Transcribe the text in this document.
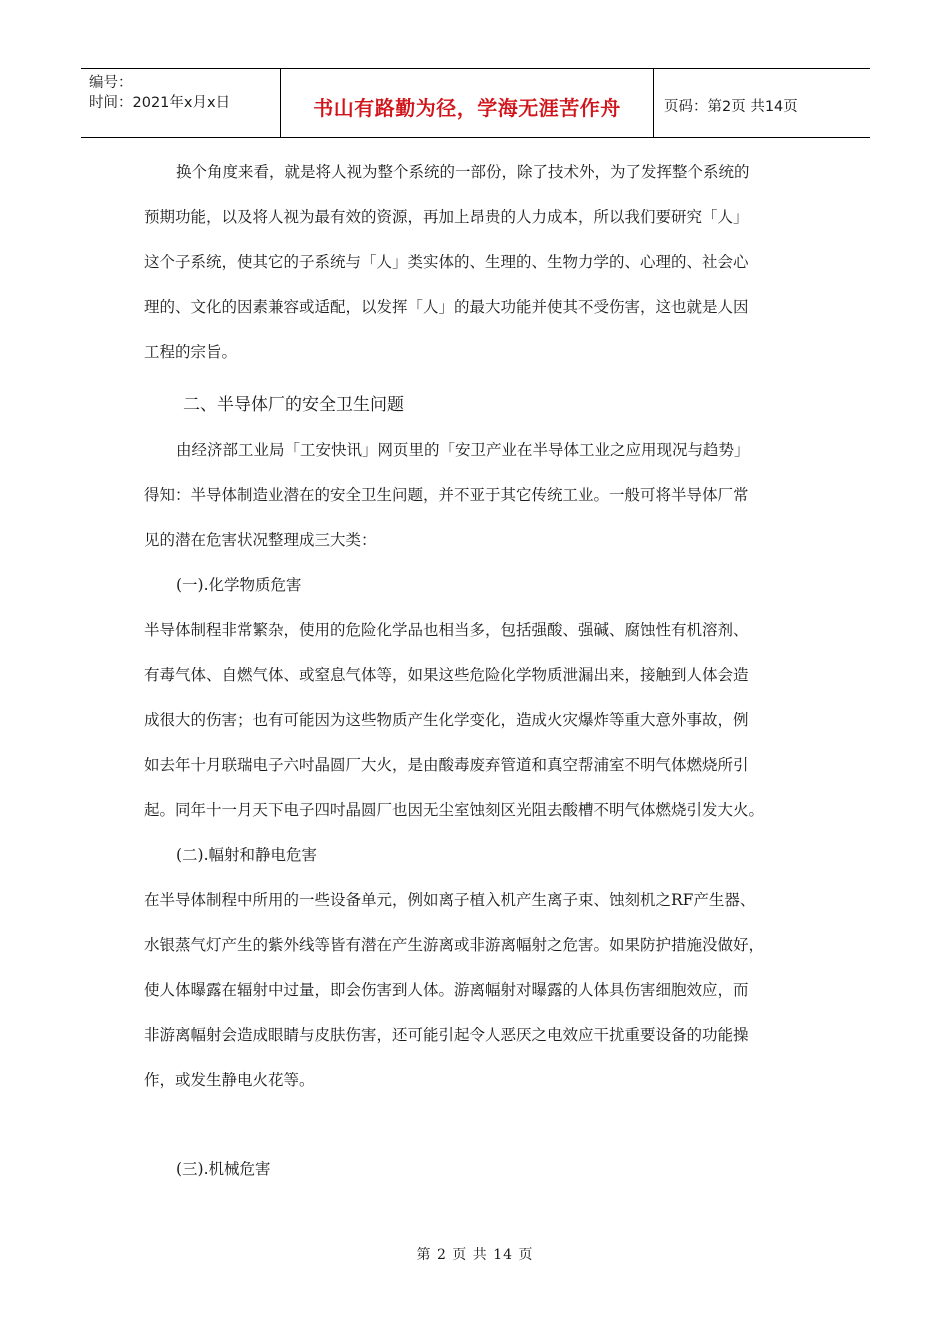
编号：
时间：2021年x月x日	书山有路勤为径，学海无涯苦作舟	页码：第2页 共14页

换个角度来看，就是将人视为整个系统的一部份，除了技术外，为了发挥整个系统的

预期功能，以及将人视为最有效的资源，再加上昂贵的人力成本，所以我们要研究「人」

这个子系统，使其它的子系统与「人」类实体的、生理的、生物力学的、心理的、社会心

理的、文化的因素兼容或适配，以发挥「人」的最大功能并使其不受伤害，这也就是人因

工程的宗旨。

二、半导体厂的安全卫生问题

由经济部工业局「工安快讯」网页里的「安卫产业在半导体工业之应用现况与趋势」

得知：半导体制造业潜在的安全卫生问题，并不亚于其它传统工业。一般可将半导体厂常

见的潜在危害状况整理成三大类：

(一).化学物质危害

半导体制程非常繁杂，使用的危险化学品也相当多，包括强酸、强碱、腐蚀性有机溶剂、

有毒气体、自燃气体、或窒息气体等，如果这些危险化学物质泄漏出来，接触到人体会造

成很大的伤害；也有可能因为这些物质产生化学变化，造成火灾爆炸等重大意外事故，例

如去年十月联瑞电子六吋晶圆厂大火，是由酸毒废弃管道和真空帮浦室不明气体燃烧所引

起。同年十一月天下电子四吋晶圆厂也因无尘室蚀刻区光阻去酸槽不明气体燃烧引发大火。

(二).幅射和静电危害

在半导体制程中所用的一些设备单元，例如离子植入机产生离子束、蚀刻机之RF产生器、

水银蒸气灯产生的紫外线等皆有潜在产生游离或非游离幅射之危害。如果防护措施没做好，

使人体曝露在辐射中过量，即会伤害到人体。游离幅射对曝露的人体具伤害细胞效应，而

非游离幅射会造成眼睛与皮肤伤害，还可能引起令人恶厌之电效应干扰重要设备的功能操

作，或发生静电火花等。

(三).机械危害

第 2 页 共 14 页
